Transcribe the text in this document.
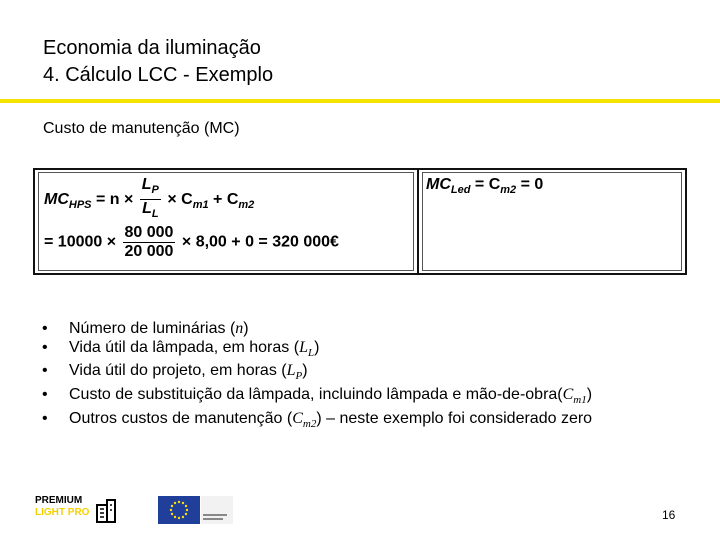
Economia da iluminação
4. Cálculo LCC - Exemplo
Custo de manutenção (MC)
$MC_{HPS} = n \times \frac{L_P}{L_L} \times C_{m1} + C_{m2}$
= $10000 \times \frac{80 000}{20 000} \times 8,00 + 0 = 320$ 000€
$MC_{Led} = C_{m2} = 0$
• Número de luminárias (n)
• Vida útil da lâmpada, em horas $(L_L)$
• Vida útil do projeto, em horas $(L_P)$
• Custo de substituição da lâmpada, incluindo lâmpada e mão-$de-obra(C_{m1})$
• Outros custos de manutenção $(C_{m2})$ – neste exemplo foi considerado zero
PREMIUM
LIGHT PRO	16
